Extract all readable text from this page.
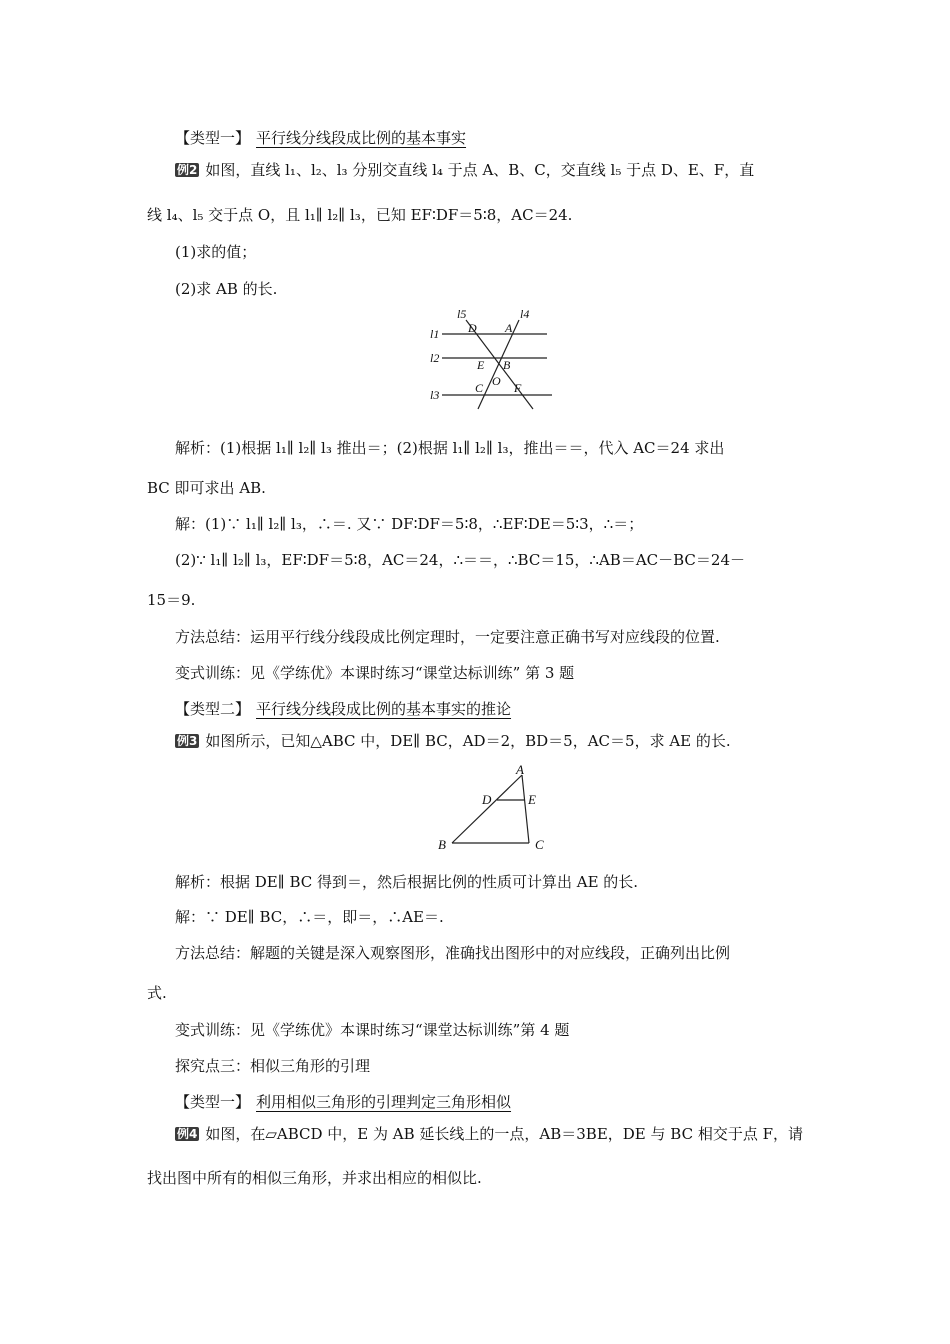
【类型一】 平行线分线段成比例的基本事实
例2 如图，直线 l₁、l₂、l₃ 分别交直线 l₄ 于点 A、B、C，交直线 l₅ 于点 D、E、F，直
线 l₄、l₅ 交于点 O，且 l₁∥ l₂∥ l₃，已知 EF∶DF＝5∶8，AC＝24.
(1)求的值；
(2)求 AB 的长.
l5	l4
l1
l2
l3
D A
E B
O
C	F
解析：(1)根据 l₁∥ l₂∥ l₃ 推出＝；(2)根据 l₁∥ l₂∥ l₃，推出＝＝，代入 AC＝24 求出
BC 即可求出 AB.
解：(1)∵ l₁∥ l₂∥ l₃，∴＝. 又∵ DF∶DF＝5∶8，∴EF∶DE＝5∶3，∴＝；
(2)∵ l₁∥ l₂∥ l₃，EF∶DF＝5∶8，AC＝24，∴＝＝，∴BC＝15，∴AB＝AC－BC＝24－
15＝9.
方法总结：运用平行线分线段成比例定理时，一定要注意正确书写对应线段的位置.
变式训练：见《学练优》本课时练习“课堂达标训练” 第 3 题
【类型二】 平行线分线段成比例的基本事实的推论
例3 如图所示，已知△ABC 中，DE∥ BC，AD＝2，BD＝5，AC＝5，求 AE 的长.
A
D	E
B	C
解析：根据 DE∥ BC 得到＝，然后根据比例的性质可计算出 AE 的长.
解：∵ DE∥ BC，∴＝，即＝，∴AE＝.
方法总结：解题的关键是深入观察图形，准确找出图形中的对应线段，正确列出比例
式.
变式训练：见《学练优》本课时练习“课堂达标训练”第 4 题
探究点三：相似三角形的引理
【类型一】 利用相似三角形的引理判定三角形相似
例4 如图，在▱ABCD 中，E 为 AB 延长线上的一点，AB＝3BE，DE 与 BC 相交于点 F，请
找出图中所有的相似三角形，并求出相应的相似比.
